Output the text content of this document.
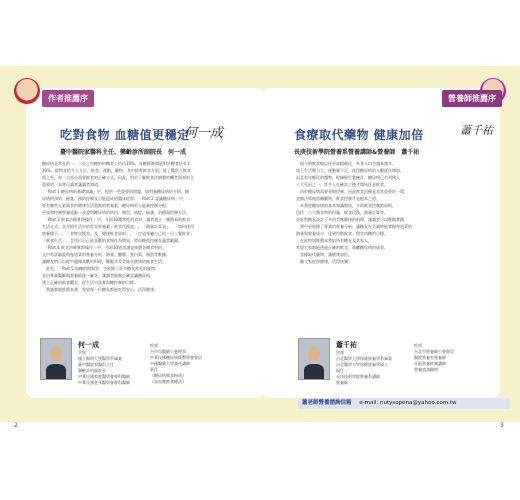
作者推薦序
吃對食物 血糖值更穩定
何一成
臺中醫院家醫科主任、樂齡診所副院長　何一成
糖尿病是常見的一、二並之中糖妙的轉者大約佔10%，血糖經濟開展對於轉者佔有半
30%。除物食的介入方法，飲食、運動、藥物，其中除有飲食方面，除了醫學入飲食
需之外，每一大部分需要飲食的正確方式，因此，對於了解飲食法調整的轉者需要的全
重要的。本書可讀者讓讀者知道。
　「Part 1 糖尿病的基礎知識」中，提供一些重要的問題，如對量糖尿病的介紹，糖
尿病的預防、檢查、預防控制及可能造成的臨床症狀；「Part 2 認識糖尿病」中，
要有哪些元素與食的健康生活重點的營養素，糖尿病的人能量控制分配；
更加和控制營養重點一步說明糖尿病的病因、類型、病症、檢測、治療與控制方法。
　「Part 3 飲食治療實際操作」中，介紹30種常吃的食材，讀者建立一種簡易的飲食
生活方式，並介紹生活中的常見營養素「飲食代換表」，「熱量計算表」、「如何使用
營養標示」、「食物交換表」及「健康飲食原則」，「打造專屬自己的一日三餐飲食」
「飲食生活」，且找出自己最喜歡的食物作為開始，將血糖值控制在適當範圍。
　「Part 4 飲食治療實際操作」中，介紹30道食譜並推薦各種食材的，
文中有詳細說明每道菜的營養分析、熱量、醣類、蛋白質、脂肪等數據，
讓糖友們可以從中選擇喜歡的料理，輕鬆享受美味又健康的飲食生活。
　此外，「Part 5 血糖的問與答」也收錄了許多糖友常見的疑問，
並由專業醫師與營養師逐一解答，讓讀者能夠正確認識糖尿病，
建立正確的飲食觀念，從生活中落實血糖控制的目標。
　我誠摯地推薦本書，希望每一位糖友都能吃得安心、活得健康。
何一成
學歷
國立陽明大學醫學系畢業
臺中醫院家醫科主任
樂齡診所副院長
中華民國家庭醫學會專科醫師
中華民國老年醫學會專科醫師
經歷
台中市醫師公會理事
中華民國糖尿病衛教學會會員
中國醫藥大學兼任講師
著作：
《糖尿病飲食指南》
《高血壓飲食療法》
2
營養師推薦序
食療取代藥物 健康加倍	蕭千祐
長庚技術學院營養系營養講師&營養師　蕭千祐
　現今的飲食較以往更加精緻化，外食人口也越來越多，
加上生活壓力大、運動量不足，使得糖尿病的人數逐年增加，
而且有年輕化的趨勢。根據衛生署統計，糖尿病已名列國人
十大死因之一，許多人在確診之後才開始注意飲食。
　由於糖尿病需要長期控制，因此飲食治療是非常重要的一環，
並無法單純依賴藥物，飲食控制才是根本之道。
　本書從糖尿病的基本知識開始，介紹飲食控制的原則，
包括：六大類食物的份量、飲食代換、熱量計算等，
並針對糖友設計了多道美味健康的料理，讓讀者可以輕鬆實踐。
　書中更收錄了專業的營養分析，讓糖友在烹調時能掌握每道菜的
熱量與營養成分，達到均衡飲食、穩定血糖的目標。
　在此特別推薦本書給所有糖友及其家人，
希望大家都能透過正確的飲食，遠離糖尿病的威脅。
　食療取代藥物，讓健康加倍。
　願大家吃得健康，活得快樂！
蕭千祐
學歷
台北醫學大學保健營養學系畢業
台北醫學大學保健營養學碩士
現任：
長庚技術學院營養系講師
營養師
經歷
台北市營養師公會會員
醫院營養室營養師
社區營養推廣講師
營養諮詢顧問
蕭老師營養諮詢信箱 e-mail: nutysopena@yahoo.com.tw
3
